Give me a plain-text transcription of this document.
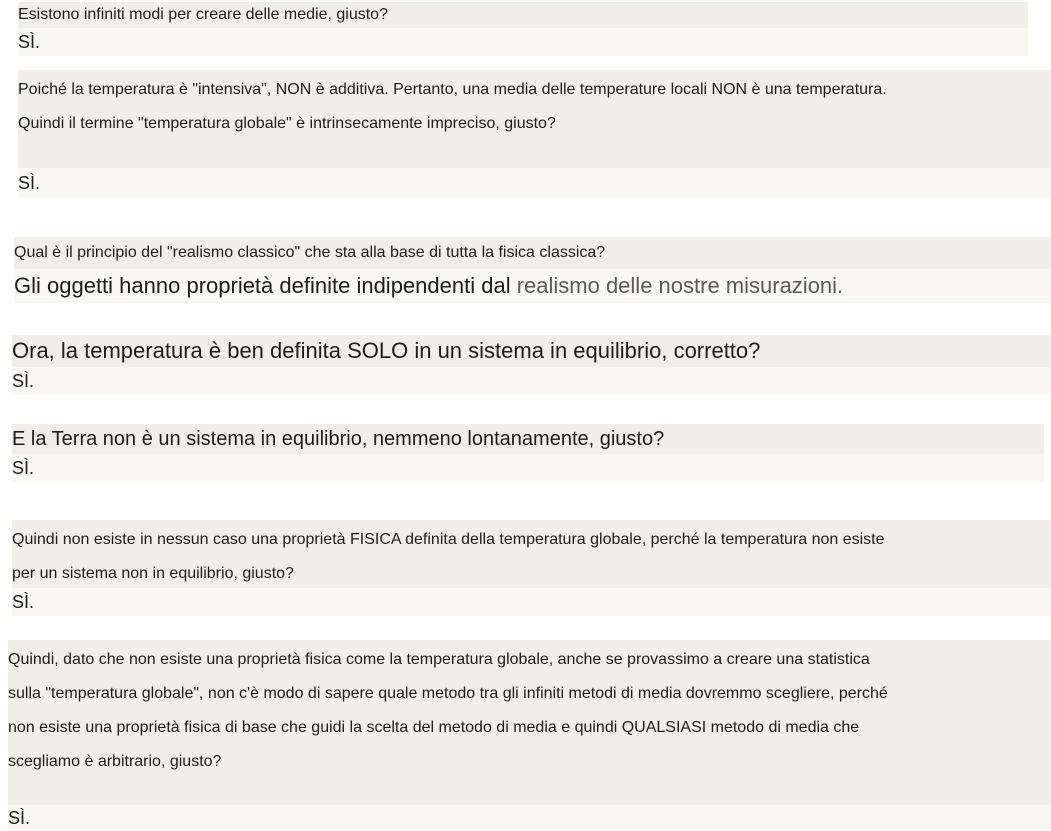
Esistono infiniti modi per creare delle medie, giusto?
SÌ.
Poiché la temperatura è "intensiva", NON è additiva. Pertanto, una media delle temperature locali NON è una temperatura.
Quindi il termine "temperatura globale" è intrinsecamente impreciso, giusto?
SÌ.
Qual è il principio del "realismo classico" che sta alla base di tutta la fisica classica?
Gli oggetti hanno proprietà definite indipendenti dal realismo delle nostre misurazioni.
Ora, la temperatura è ben definita SOLO in un sistema in equilibrio, corretto?
SÌ.
E la Terra non è un sistema in equilibrio, nemmeno lontanamente, giusto?
SÌ.
Quindi non esiste in nessun caso una proprietà FISICA definita della temperatura globale, perché la temperatura non esiste
per un sistema non in equilibrio, giusto?
SÌ.
Quindi, dato che non esiste una proprietà fisica come la temperatura globale, anche se provassimo a creare una statistica
sulla "temperatura globale", non c'è modo di sapere quale metodo tra gli infiniti metodi di media dovremmo scegliere, perché
non esiste una proprietà fisica di base che guidi la scelta del metodo di media e quindi QUALSIASI metodo di media che
scegliamo è arbitrario, giusto?
SÌ.
